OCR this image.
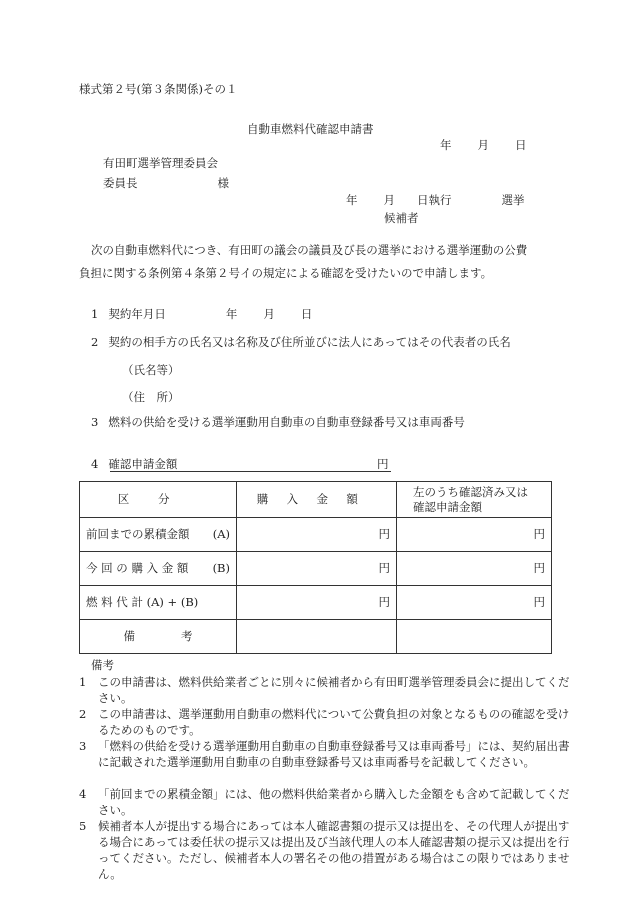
様式第２号(第３条関係)その１
自動車燃料代確認申請書
年 月 日
有田町選挙管理委員会
委員長	様
年 月 日執行	選挙
候補者
次の自動車燃料代につき、有田町の議会の議員及び長の選挙における選挙運動の公費
負担に関する条例第４条第２号イの規定による確認を受けたいので申請します。
1 契約年月日	年 月 日
2 契約の相手方の氏名又は名称及び住所並びに法人にあってはその代表者の氏名
（氏名等）
（住　所）
3 燃料の供給を受ける選挙運動用自動車の自動車登録番号又は車両番号
4 確認申請金額	円
区分	購入金額	左のうち確認済み又は
確認申請金額

前回までの累積金額 (A)	円	円

今 回 の 購 入 金 額 (B)	円	円

燃 料 代 計 (A) + (B)	円	円
備　　　　考		
備考
1 この申請書は、燃料供給業者ごとに別々に候補者から有田町選挙管理委員会に提出してください。
2 この申請書は、選挙運動用自動車の燃料代について公費負担の対象となるものの確認を受けるためのものです。
3 「燃料の供給を受ける選挙運動用自動車の自動車登録番号又は車両番号」には、契約届出書に記載された選挙運動用自動車の自動車登録番号又は車両番号を記載してください。
4 「前回までの累積金額」には、他の燃料供給業者から購入した金額をも含めて記載してください。
5 候補者本人が提出する場合にあっては本人確認書類の提示又は提出を、その代理人が提出する場合にあっては委任状の提示又は提出及び当該代理人の本人確認書類の提示又は提出を行ってください。ただし、候補者本人の署名その他の措置がある場合はこの限りではありません。
